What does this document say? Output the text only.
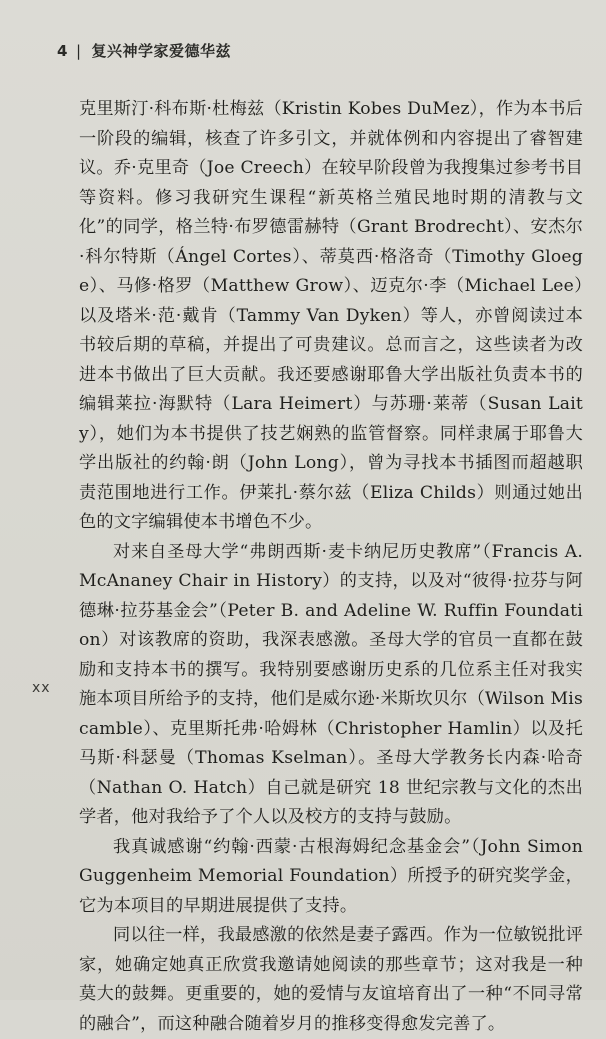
4 | 复兴神学家爱德华兹
xx

克里斯汀·科布斯·杜梅兹（Kristin Kobes DuMez），作为本书后一阶段的编辑，核查了许多引文，并就体例和内容提出了睿智建议。乔·克里奇（Joe Creech）在较早阶段曾为我搜集过参考书目等资料。修习我研究生课程“新英格兰殖民地时期的清教与文化”的同学，格兰特·布罗德雷赫特（Grant Brodrecht）、安杰尔·科尔特斯（Ángel Cortes）、蒂莫西·格洛奇（Timothy Gloege）、马修·格罗（Matthew Grow）、迈克尔·李（Michael Lee）以及塔米·范·戴肯（Tammy Van Dyken）等人，亦曾阅读过本书较后期的草稿，并提出了可贵建议。总而言之，这些读者为改进本书做出了巨大贡献。我还要感谢耶鲁大学出版社负责本书的编辑莱拉·海默特（Lara Heimert）与苏珊·莱蒂（Susan Laity），她们为本书提供了技艺娴熟的监管督察。同样隶属于耶鲁大学出版社的约翰·朗（John Long），曾为寻找本书插图而超越职责范围地进行工作。伊莱扎·蔡尔兹（Eliza Childs）则通过她出色的文字编辑使本书增色不少。

对来自圣母大学“弗朗西斯·麦卡纳尼历史教席”（Francis A. McAnaney Chair in History）的支持，以及对“彼得·拉芬与阿德琳·拉芬基金会”（Peter B. and Adeline W. Ruffin Foundation）对该教席的资助，我深表感激。圣母大学的官员一直都在鼓励和支持本书的撰写。我特别要感谢历史系的几位系主任对我实施本项目所给予的支持，他们是威尔逊·米斯坎贝尔（Wilson Miscamble）、克里斯托弗·哈姆林（Christopher Hamlin）以及托马斯·科瑟曼（Thomas Kselman）。圣母大学教务长内森·哈奇（Nathan O. Hatch）自己就是研究 18 世纪宗教与文化的杰出学者，他对我给予了个人以及校方的支持与鼓励。

我真诚感谢“约翰·西蒙·古根海姆纪念基金会”（John Simon Guggenheim Memorial Foundation）所授予的研究奖学金，它为本项目的早期进展提供了支持。

同以往一样，我最感激的依然是妻子露西。作为一位敏锐批评家，她确定她真正欣赏我邀请她阅读的那些章节；这对我是一种莫大的鼓舞。更重要的，她的爱情与友谊培育出了一种“不同寻常的融合”，而这种融合随着岁月的推移变得愈发完善了。
